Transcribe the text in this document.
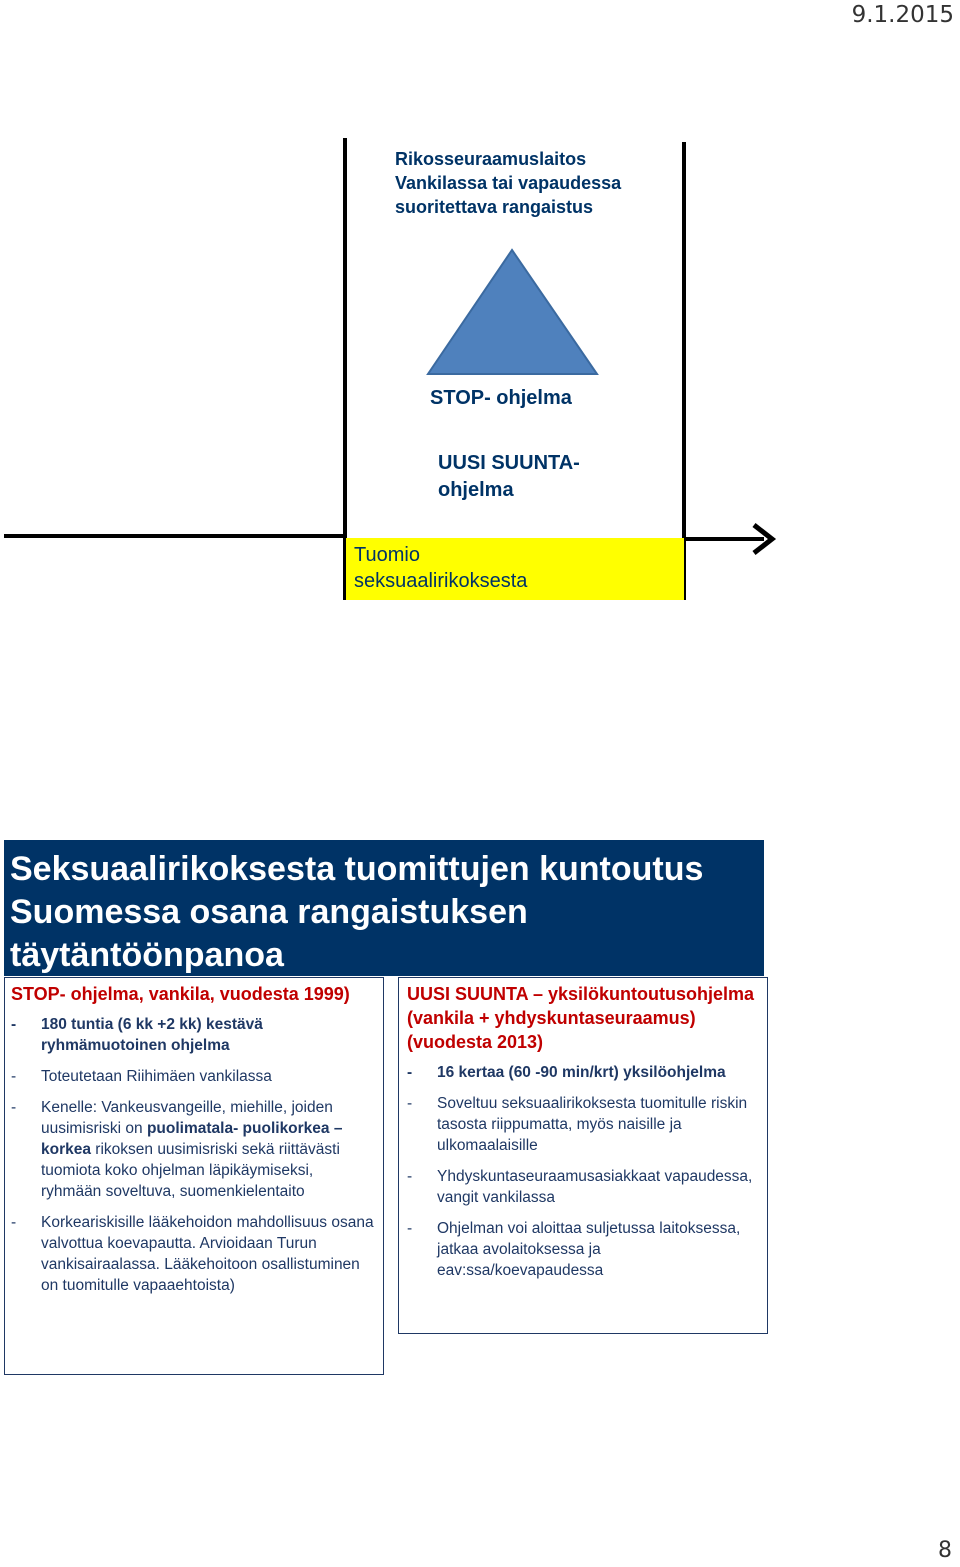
9.1.2015
Rikosseuraamuslaitos
Vankilassa tai vapaudessa
suoritettava rangaistus
STOP- ohjelma
UUSI SUUNTA-
ohjelma
Tuomio
seksuaalirikoksesta
Seksuaalirikoksesta tuomittujen kuntoutus
Suomessa osana rangaistuksen
täytäntöönpanoa
STOP- ohjelma, vankila, vuodesta 1999)
- 180 tuntia (6 kk +2 kk) kestävä ryhmämuotoinen ohjelma
- Toteutetaan Riihimäen vankilassa
- Kenelle: Vankeusvangeille, miehille, joiden uusimisriski on puolimatala- puolikorkea – korkea rikoksen uusimisriski sekä riittävästi tuomiota koko ohjelman läpikäymiseksi, ryhmään soveltuva, suomenkielentaito
- Korkeariskisille lääkehoidon mahdollisuus osana valvottua koevapautta. Arvioidaan Turun vankisairaalassa. Lääkehoitoon osallistuminen on tuomitulle vapaaehtoista)
UUSI SUUNTA – yksilökuntoutusohjelma (vankila + yhdyskuntaseuraamus) (vuodesta 2013)
- 16 kertaa (60 -90 min/krt) yksilöohjelma
- Soveltuu seksuaalirikoksesta tuomitulle riskin tasosta riippumatta, myös naisille ja ulkomaalaisille
- Yhdyskuntaseuraamusasiakkaat vapaudessa, vangit vankilassa
- Ohjelman voi aloittaa suljetussa laitoksessa, jatkaa avolaitoksessa ja eav:ssa/koevapaudessa
8
